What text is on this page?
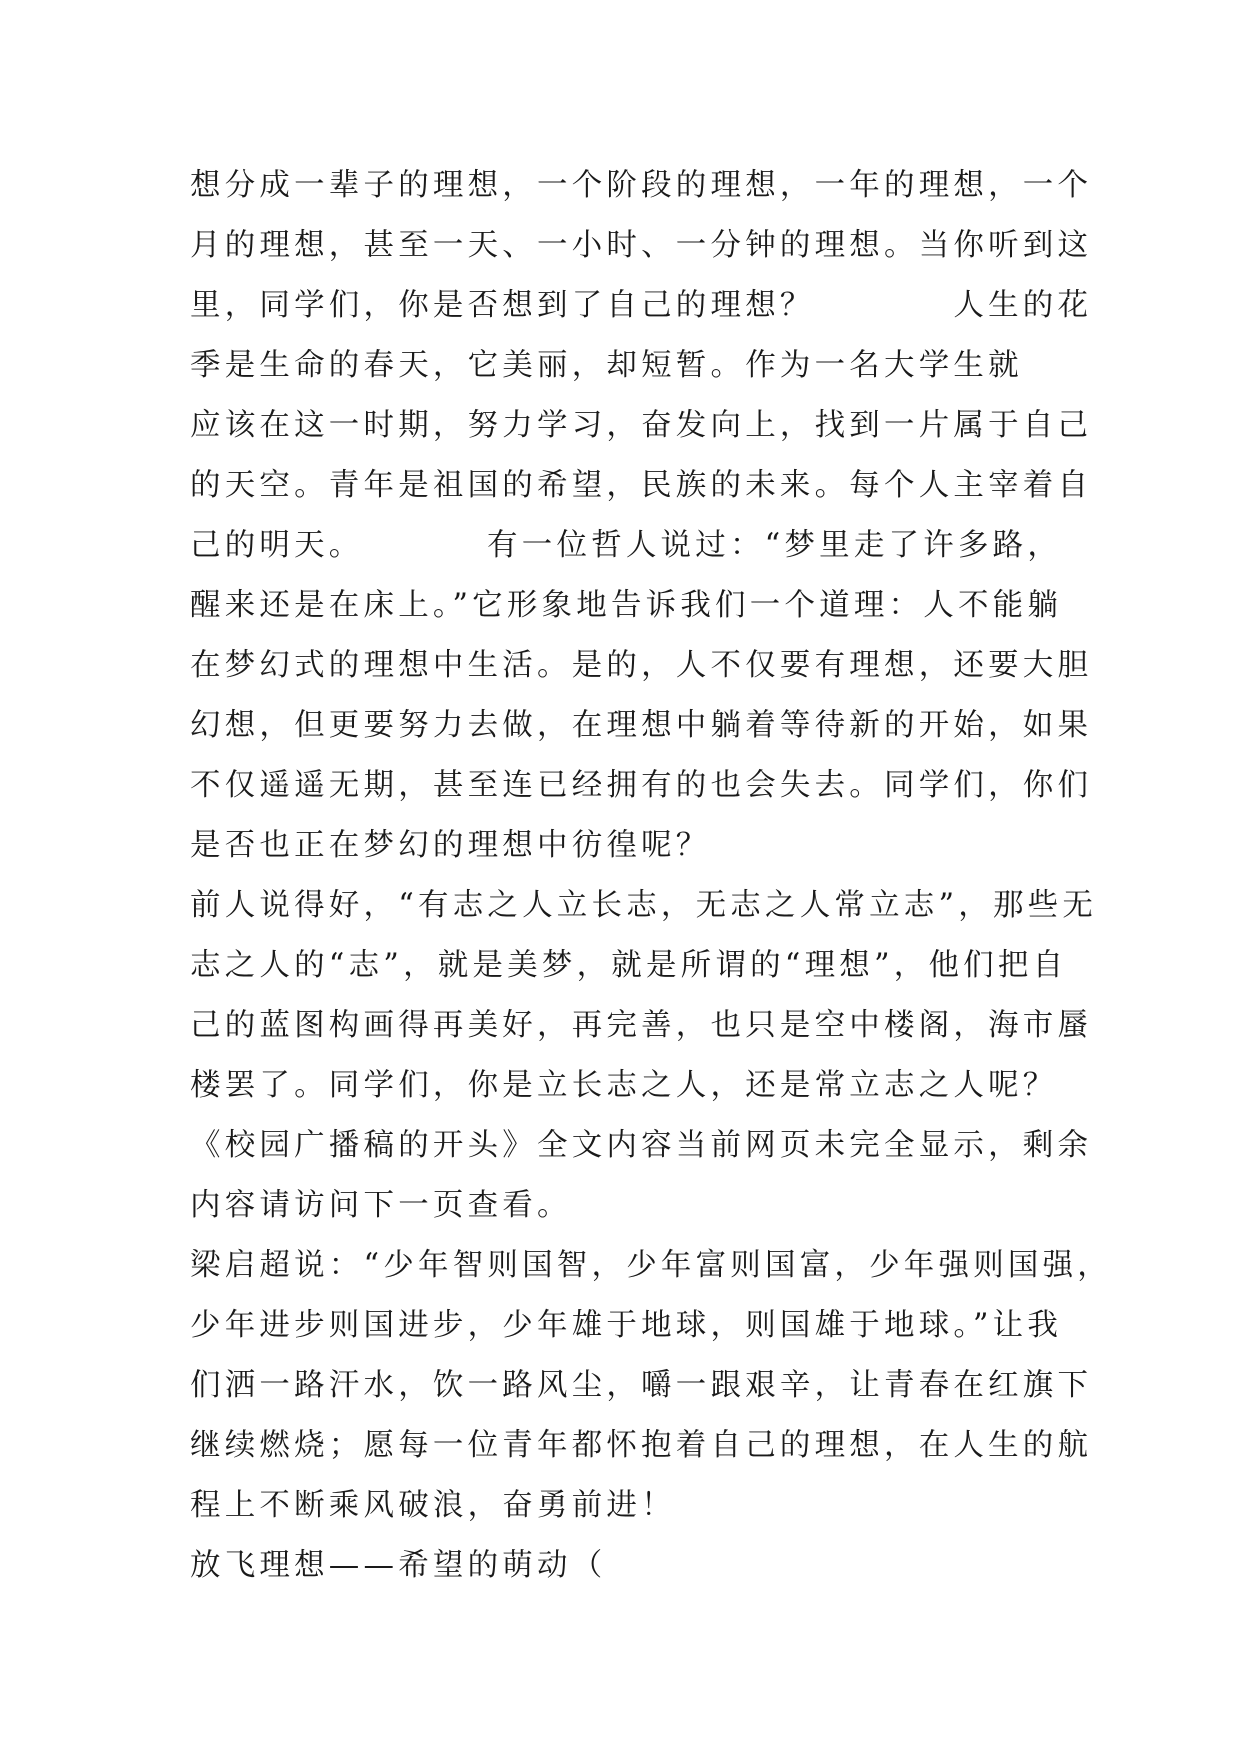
想分成一辈子的理想，一个阶段的理想，一年的理想，一个
月的理想，甚至一天、一小时、一分钟的理想。当你听到这
里，同学们，你是否想到了自己的理想？　　　　人生的花
季是生命的春天，它美丽，却短暂。作为一名大学生就
应该在这一时期，努力学习，奋发向上，找到一片属于自己
的天空。青年是祖国的希望，民族的未来。每个人主宰着自
己的明天。　　　　有一位哲人说过：“梦里走了许多路，
醒来还是在床上。”它形象地告诉我们一个道理：人不能躺
在梦幻式的理想中生活。是的，人不仅要有理想，还要大胆
幻想，但更要努力去做，在理想中躺着等待新的开始，如果
不仅遥遥无期，甚至连已经拥有的也会失去。同学们，你们
是否也正在梦幻的理想中彷徨呢？
前人说得好，“有志之人立长志，无志之人常立志”，那些无
志之人的“志”，就是美梦，就是所谓的“理想”，他们把自
己的蓝图构画得再美好，再完善，也只是空中楼阁，海市蜃
楼罢了。同学们，你是立长志之人，还是常立志之人呢？
《校园广播稿的开头》全文内容当前网页未完全显示，剩余
内容请访问下一页查看。
梁启超说：“少年智则国智，少年富则国富，少年强则国强，
少年进步则国进步，少年雄于地球，则国雄于地球。”让我
们洒一路汗水，饮一路风尘，嚼一跟艰辛，让青春在红旗下
继续燃烧；愿每一位青年都怀抱着自己的理想，在人生的航
程上不断乘风破浪，奋勇前进！
放飞理想——希望的萌动（
